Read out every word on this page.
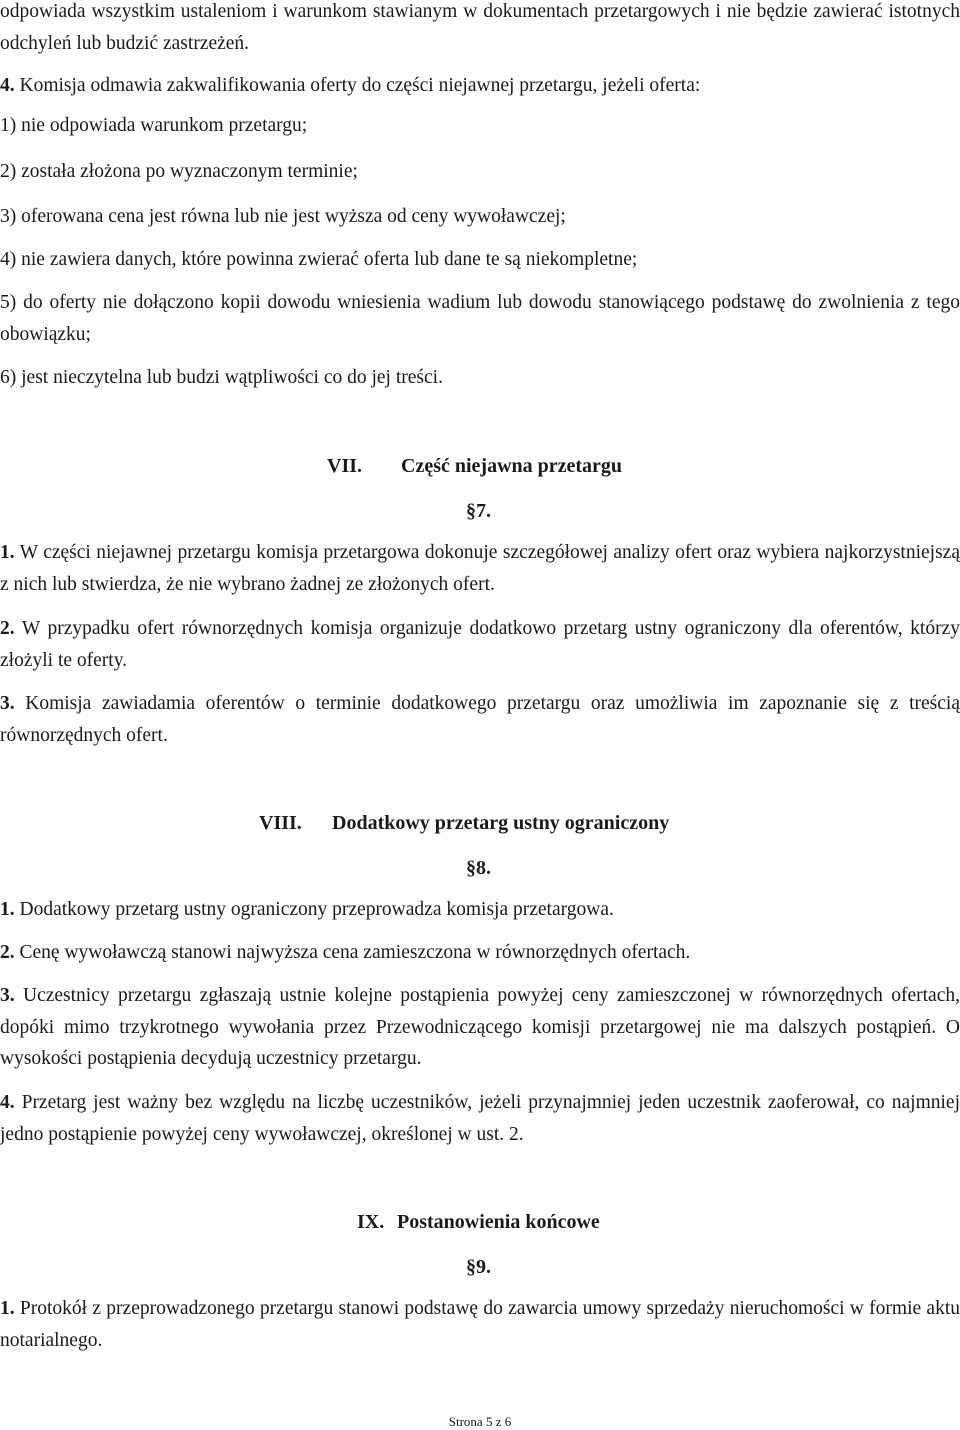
odpowiada wszystkim ustaleniom i warunkom stawianym w dokumentach przetargowych i nie będzie zawierać istotnych odchyleń lub budzić zastrzeżeń.

4. Komisja odmawia zakwalifikowania oferty do części niejawnej przetargu, jeżeli oferta:

1) nie odpowiada warunkom przetargu;

2) została złożona po wyznaczonym terminie;

3) oferowana cena jest równa lub nie jest wyższa od ceny wywoławczej;

4) nie zawiera danych, które powinna zwierać oferta lub dane te są niekompletne;

5) do oferty nie dołączono kopii dowodu wniesienia wadium lub dowodu stanowiącego podstawę do zwolnienia z tego obowiązku;

6) jest nieczytelna lub budzi wątpliwości co do jej treści.

VII. Część niejawna przetargu
§7.

1. W części niejawnej przetargu komisja przetargowa dokonuje szczegółowej analizy ofert oraz wybiera najkorzystniejszą z nich lub stwierdza, że nie wybrano żadnej ze złożonych ofert.

2. W przypadku ofert równorzędnych komisja organizuje dodatkowo przetarg ustny ograniczony dla oferentów, którzy złożyli te oferty.

3. Komisja zawiadamia oferentów o terminie dodatkowego przetargu oraz umożliwia im zapoznanie się z treścią równorzędnych ofert.

VIII. Dodatkowy przetarg ustny ograniczony
§8.

1. Dodatkowy przetarg ustny ograniczony przeprowadza komisja przetargowa.

2. Cenę wywoławczą stanowi najwyższa cena zamieszczona w równorzędnych ofertach.

3. Uczestnicy przetargu zgłaszają ustnie kolejne postąpienia powyżej ceny zamieszczonej w równorzędnych ofertach, dopóki mimo trzykrotnego wywołania przez Przewodniczącego komisji przetargowej nie ma dalszych postąpień. O wysokości postąpienia decydują uczestnicy przetargu.

4. Przetarg jest ważny bez względu na liczbę uczestników, jeżeli przynajmniej jeden uczestnik zaoferował, co najmniej jedno postąpienie powyżej ceny wywoławczej, określonej w ust. 2.

IX. Postanowienia końcowe
§9.

1. Protokół z przeprowadzonego przetargu stanowi podstawę do zawarcia umowy sprzedaży nieruchomości w formie aktu notarialnego.

Strona 5 z 6
